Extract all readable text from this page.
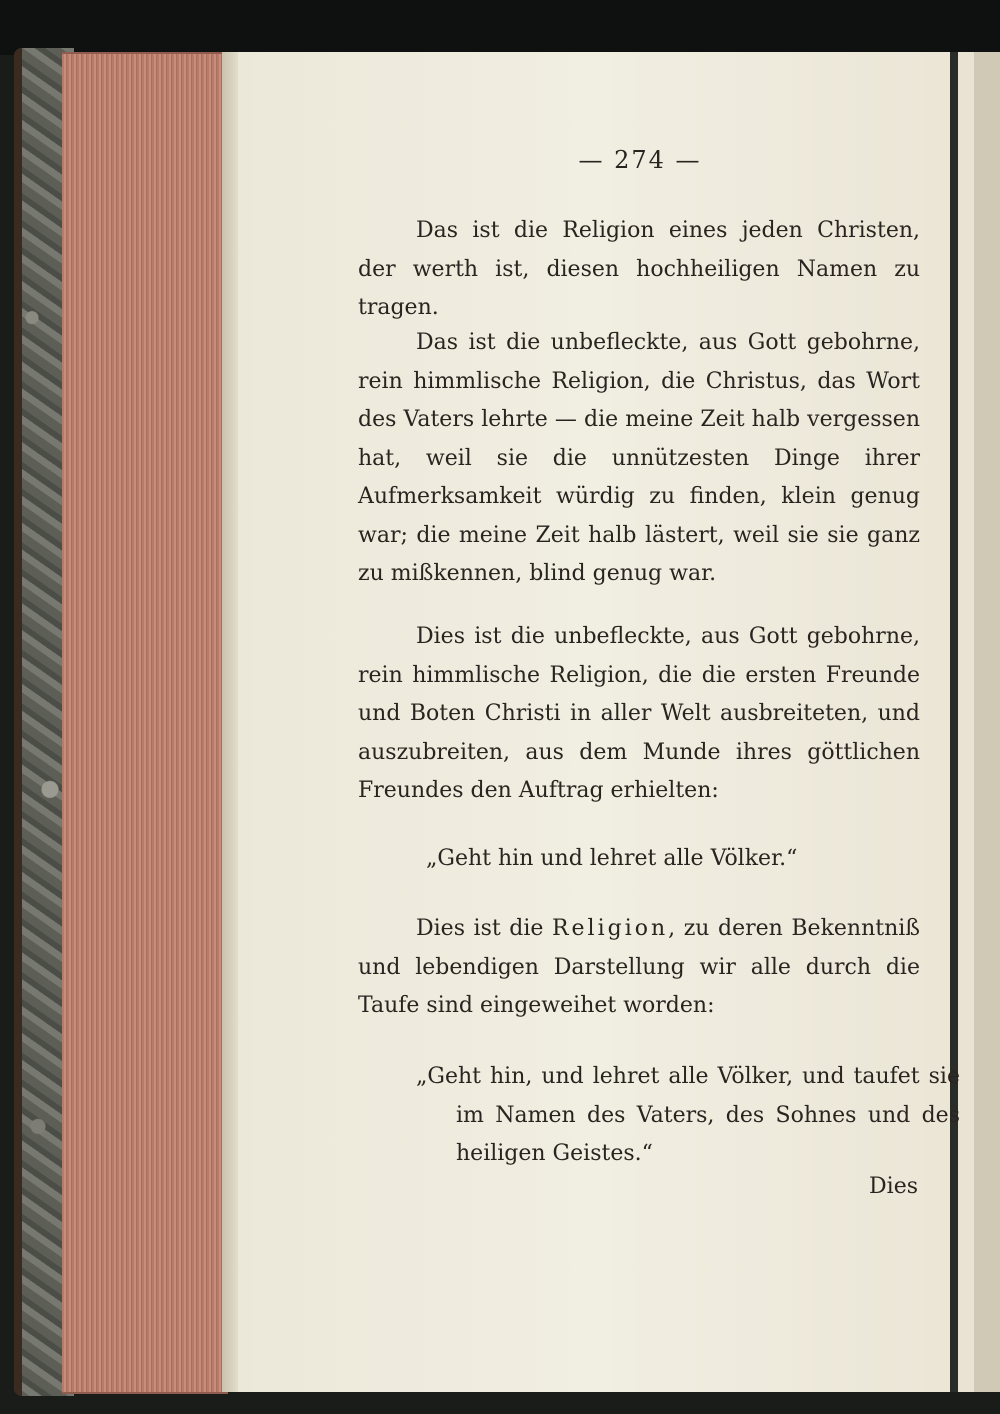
— 274 —

Das ist die Religion eines jeden Christen, der werth ist, diesen hochheiligen Namen zu tragen.

Das ist die unbefleckte, aus Gott gebohrne, rein himmlische Religion, die Christus, das Wort des Vaters lehrte — die meine Zeit halb vergessen hat, weil sie die unnützesten Dinge ihrer Aufmerksamkeit würdig zu finden, klein genug war; die meine Zeit halb lästert, weil sie sie ganz zu mißkennen, blind genug war.

Dies ist die unbefleckte, aus Gott gebohrne, rein himmlische Religion, die die ersten Freunde und Boten Christi in aller Welt ausbreiteten, und auszubreiten, aus dem Munde ihres göttlichen Freundes den Auftrag erhielten:

„Geht hin und lehret alle Völker.“

Dies ist die Religion, zu deren Bekenntniß und lebendigen Darstellung wir alle durch die Taufe sind eingeweihet worden:

„Geht hin, und lehret alle Völker, und taufet sie im Namen des Vaters, des Sohnes und des heiligen Geistes.“

Dies
